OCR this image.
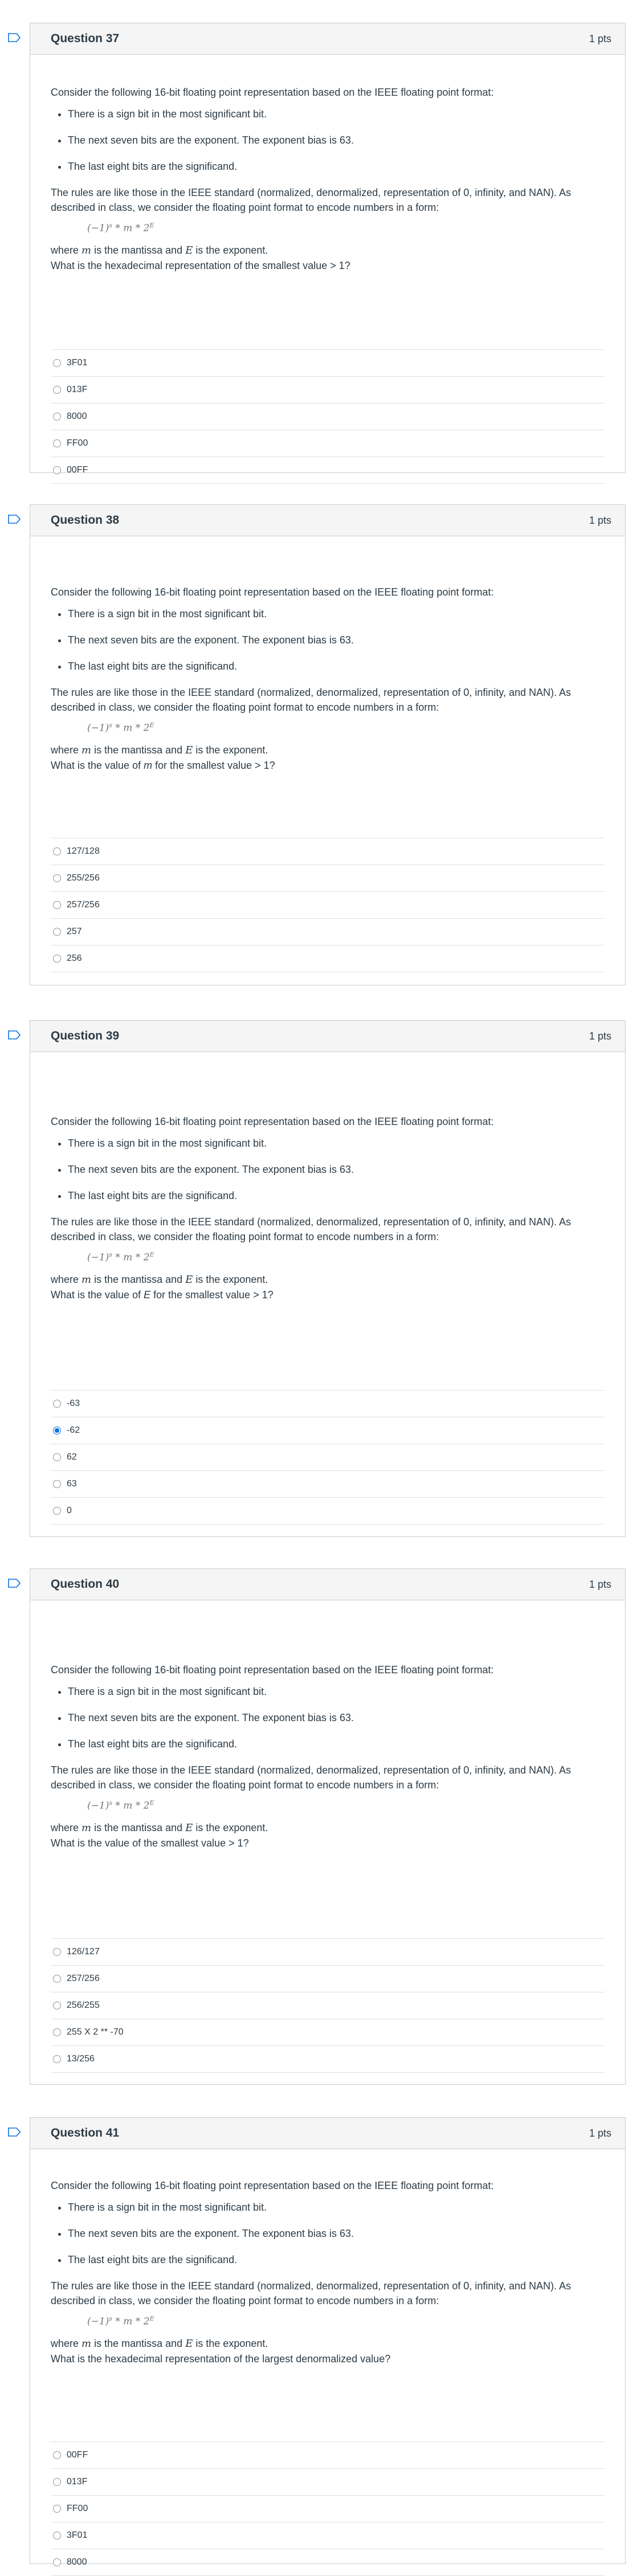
Question 37	1 pts

Consider the following 16-bit floating point representation based on the IEEE floating point format:

• There is a sign bit in the most significant bit.
• The next seven bits are the exponent. The exponent bias is 63.
• The last eight bits are the significand.

The rules are like those in the IEEE standard (normalized, denormalized, representation of 0, infinity, and NAN). As described in class, we consider the floating point format to encode numbers in a form:

$(-1)^s * m * 2^E$

where m is the mantissa and E is the exponent.

What is the hexadecimal representation of the smallest value > 1?

3F01
013F
8000
FF00
00FF
Question 38	1 pts

Consider the following 16-bit floating point representation based on the IEEE floating point format:

• There is a sign bit in the most significant bit.
• The next seven bits are the exponent. The exponent bias is 63.
• The last eight bits are the significand.

The rules are like those in the IEEE standard (normalized, denormalized, representation of 0, infinity, and NAN). As described in class, we consider the floating point format to encode numbers in a form:

$(-1)^s * m * 2^E$

where m is the mantissa and E is the exponent.

What is the value of m for the smallest value > 1?

127/128
255/256
257/256
257
256
Question 39	1 pts

Consider the following 16-bit floating point representation based on the IEEE floating point format:

• There is a sign bit in the most significant bit.
• The next seven bits are the exponent. The exponent bias is 63.
• The last eight bits are the significand.

The rules are like those in the IEEE standard (normalized, denormalized, representation of 0, infinity, and NAN). As described in class, we consider the floating point format to encode numbers in a form:

$(-1)^s * m * 2^E$

where m is the mantissa and E is the exponent.

What is the value of E for the smallest value > 1?

-63
-62
62
63
0
Question 40	1 pts

Consider the following 16-bit floating point representation based on the IEEE floating point format:

• There is a sign bit in the most significant bit.
• The next seven bits are the exponent. The exponent bias is 63.
• The last eight bits are the significand.

The rules are like those in the IEEE standard (normalized, denormalized, representation of 0, infinity, and NAN). As described in class, we consider the floating point format to encode numbers in a form:

$(-1)^s * m * 2^E$

where m is the mantissa and E is the exponent.

What is the value of the smallest value > 1?

126/127
257/256
256/255
255 X 2 ** -70
13/256
Question 41	1 pts

Consider the following 16-bit floating point representation based on the IEEE floating point format:

• There is a sign bit in the most significant bit.
• The next seven bits are the exponent. The exponent bias is 63.
• The last eight bits are the significand.

The rules are like those in the IEEE standard (normalized, denormalized, representation of 0, infinity, and NAN). As described in class, we consider the floating point format to encode numbers in a form:

$(-1)^s * m * 2^E$

where m is the mantissa and E is the exponent.

What is the hexadecimal representation of the largest denormalized value?

00FF
013F
FF00
3F01
8000
